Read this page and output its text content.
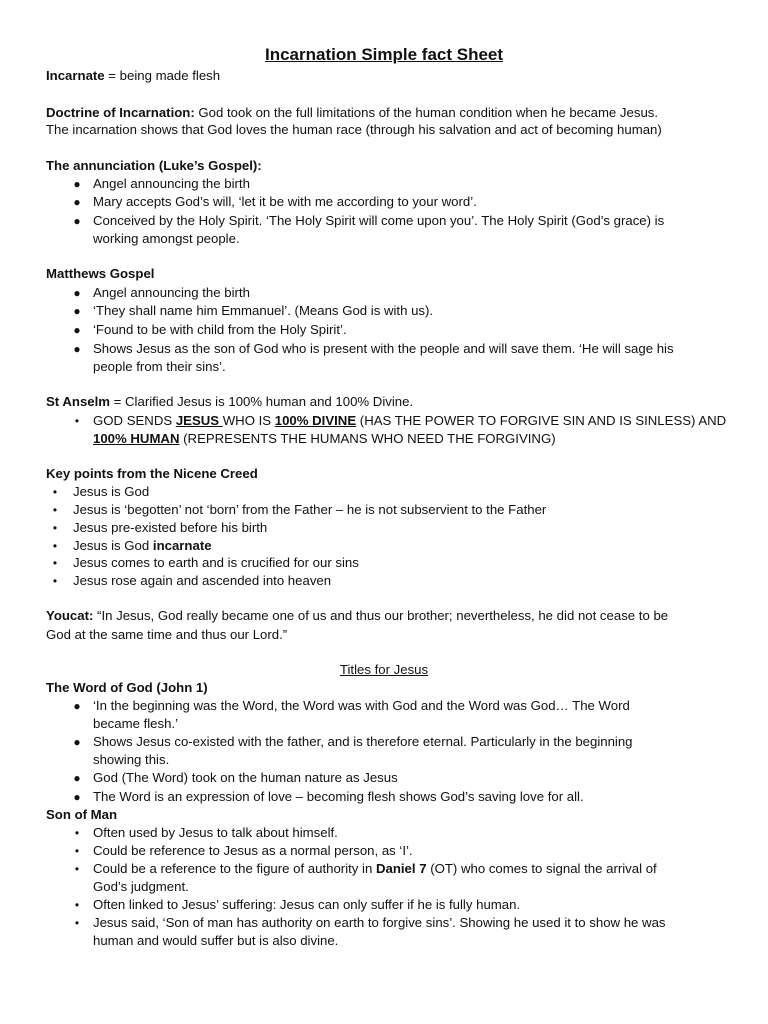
Incarnation Simple fact Sheet
Incarnate = being made flesh
Doctrine of Incarnation: God took on the full limitations of the human condition when he became Jesus.
The incarnation shows that God loves the human race (through his salvation and act of becoming human)
The annunciation (Luke’s Gospel):
● Angel announcing the birth
● Mary accepts God’s will, ‘let it be with me according to your word’.
● Conceived by the Holy Spirit. ‘The Holy Spirit will come upon you’. The Holy Spirit (God’s grace) is
working amongst people.
Matthews Gospel
● Angel announcing the birth
● ‘They shall name him Emmanuel’. (Means God is with us).
● ‘Found to be with child from the Holy Spirit’.
● Shows Jesus as the son of God who is present with the people and will save them. ‘He will sage his
people from their sins’.
St Anselm = Clarified Jesus is 100% human and 100% Divine.
• GOD SENDS JESUS WHO IS 100% DIVINE (HAS THE POWER TO FORGIVE SIN AND IS SINLESS) AND
100% HUMAN (REPRESENTS THE HUMANS WHO NEED THE FORGIVING)
Key points from the Nicene Creed
• Jesus is God
• Jesus is ‘begotten’ not ‘born’ from the Father – he is not subservient to the Father
• Jesus pre-existed before his birth
• Jesus is God incarnate
• Jesus comes to earth and is crucified for our sins
• Jesus rose again and ascended into heaven
Youcat: “In Jesus, God really became one of us and thus our brother; nevertheless, he did not cease to be
God at the same time and thus our Lord.”
Titles for Jesus
The Word of God (John 1)
● ‘In the beginning was the Word, the Word was with God and the Word was God… The Word
became flesh.’
● Shows Jesus co-existed with the father, and is therefore eternal. Particularly in the beginning
showing this.
● God (The Word) took on the human nature as Jesus
● The Word is an expression of love – becoming flesh shows God’s saving love for all.
Son of Man
• Often used by Jesus to talk about himself.
• Could be reference to Jesus as a normal person, as ‘I’.
• Could be a reference to the figure of authority in Daniel 7 (OT) who comes to signal the arrival of
God’s judgment.
• Often linked to Jesus’ suffering: Jesus can only suffer if he is fully human.
• Jesus said, ‘Son of man has authority on earth to forgive sins’. Showing he used it to show he was
human and would suffer but is also divine.
